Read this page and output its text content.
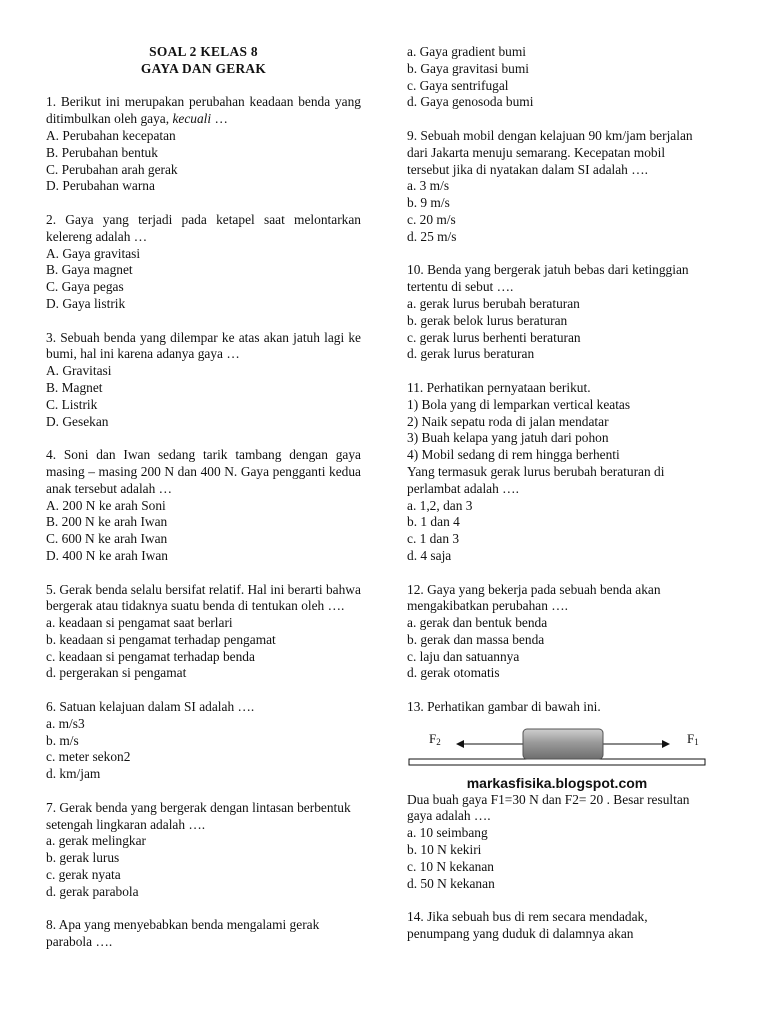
SOAL 2 KELAS 8
GAYA DAN GERAK

1. Berikut ini merupakan perubahan keadaan benda yang ditimbulkan oleh gaya, kecuali …

A. Perubahan kecepatan

B. Perubahan bentuk

C. Perubahan arah gerak

D. Perubahan warna

2. Gaya yang terjadi pada ketapel saat melontarkan kelereng adalah …

A. Gaya gravitasi

B. Gaya magnet

C. Gaya pegas

D. Gaya listrik

3. Sebuah benda yang dilempar ke atas akan jatuh lagi ke bumi, hal ini karena adanya gaya …

A. Gravitasi

B. Magnet

C. Listrik

D. Gesekan

4. Soni dan Iwan sedang tarik tambang dengan gaya masing – masing 200 N dan 400 N. Gaya pengganti kedua anak tersebut adalah …

A. 200 N ke arah Soni

B. 200 N ke arah Iwan

C. 600 N ke arah Iwan

D. 400 N ke arah Iwan

5. Gerak benda selalu bersifat relatif. Hal ini berarti bahwa bergerak atau tidaknya suatu benda di tentukan oleh ….

a. keadaan si pengamat saat berlari

b. keadaan si pengamat terhadap pengamat

c. keadaan si pengamat terhadap benda

d. pergerakan si pengamat

6. Satuan kelajuan dalam SI adalah ….

a. m/s3

b. m/s

c. meter sekon2

d. km/jam

7. Gerak benda yang bergerak dengan lintasan berbentuk setengah lingkaran adalah ….

a. gerak melingkar

b. gerak lurus

c. gerak nyata

d. gerak parabola

8. Apa yang menyebabkan benda mengalami gerak parabola ….

a. Gaya gradient bumi

b. Gaya gravitasi bumi

c. Gaya sentrifugal

d. Gaya genosoda bumi

9. Sebuah mobil dengan kelajuan 90 km/jam berjalan dari Jakarta menuju semarang. Kecepatan mobil tersebut jika di nyatakan dalam SI adalah ….

a. 3 m/s

b. 9 m/s

c. 20 m/s

d. 25 m/s

10. Benda yang bergerak jatuh bebas dari ketinggian tertentu di sebut ….

a. gerak lurus berubah beraturan

b. gerak belok lurus beraturan

c. gerak lurus berhenti beraturan

d. gerak lurus beraturan

11. Perhatikan pernyataan berikut.

1) Bola yang di lemparkan vertical keatas

2) Naik sepatu roda di jalan mendatar

3) Buah kelapa yang jatuh dari pohon

4) Mobil sedang di rem hingga berhenti

Yang termasuk gerak lurus berubah beraturan di perlambat adalah ….

a. 1,2, dan 3

b. 1 dan 4

c. 1 dan 3

d. 4 saja

12. Gaya yang bekerja pada sebuah benda akan mengakibatkan perubahan ….

a. gerak dan bentuk benda

b. gerak dan massa benda

c. laju dan satuannya

d. gerak otomatis

13. Perhatikan gambar di bawah ini.

$F_2$	$F_1$

markasfisika.blogspot.com

Dua buah gaya F1=30 N dan F2= 20 . Besar resultan gaya adalah ….

a. 10 seimbang

b. 10 N kekiri

c. 10 N kekanan

d. 50 N kekanan

14. Jika sebuah bus di rem secara mendadak, penumpang yang duduk di dalamnya akan
